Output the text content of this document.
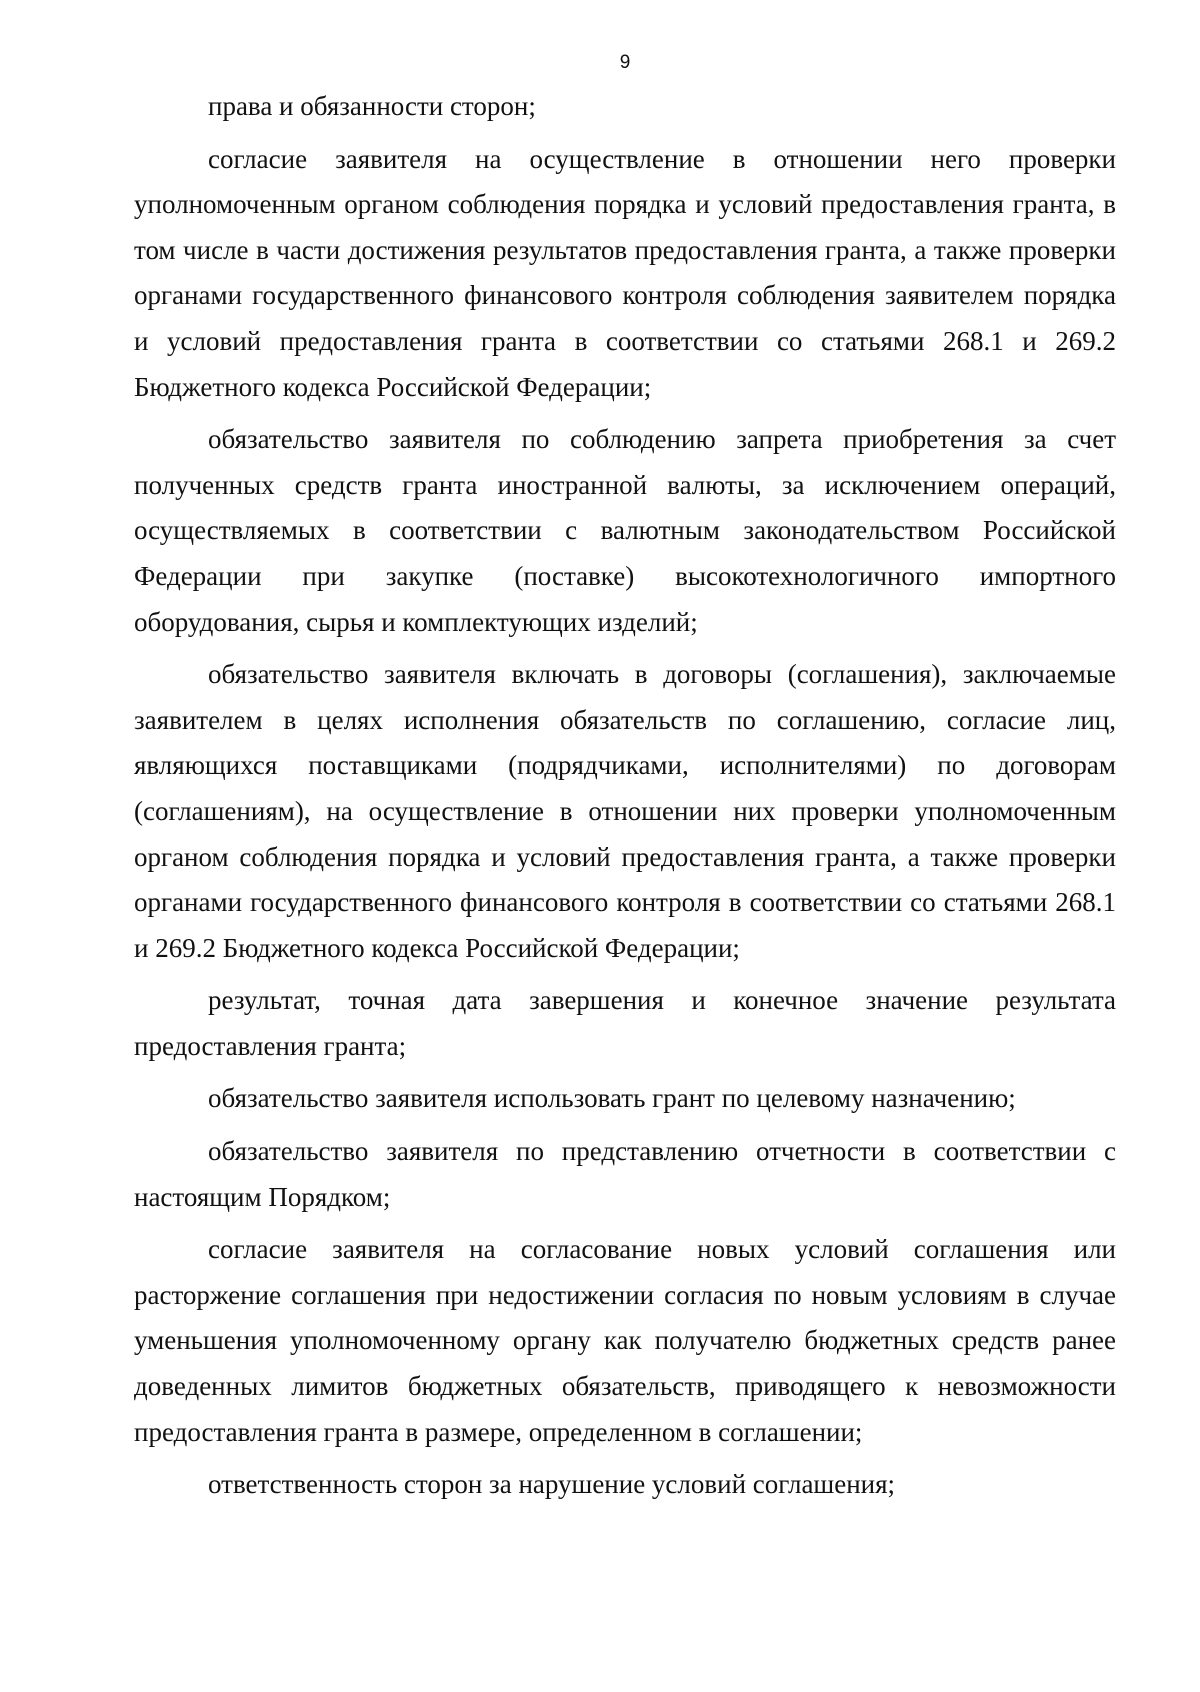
9

права и обязанности сторон;

согласие заявителя на осуществление в отношении него проверки уполномоченным органом соблюдения порядка и условий предоставления гранта, в том числе в части достижения результатов предоставления гранта, а также проверки органами государственного финансового контроля соблюдения заявителем порядка и условий предоставления гранта в соответствии со статьями 268.1 и 269.2 Бюджетного кодекса Российской Федерации;

обязательство заявителя по соблюдению запрета приобретения за счет полученных средств гранта иностранной валюты, за исключением операций, осуществляемых в соответствии с валютным законодательством Российской Федерации при закупке (поставке) высокотехнологичного импортного оборудования, сырья и комплектующих изделий;

обязательство заявителя включать в договоры (соглашения), заключаемые заявителем в целях исполнения обязательств по соглашению, согласие лиц, являющихся поставщиками (подрядчиками, исполнителями) по договорам (соглашениям), на осуществление в отношении них проверки уполномоченным органом соблюдения порядка и условий предоставления гранта, а также проверки органами государственного финансового контроля в соответствии со статьями 268.1 и 269.2 Бюджетного кодекса Российской Федерации;

результат, точная дата завершения и конечное значение результата предоставления гранта;

обязательство заявителя использовать грант по целевому назначению;

обязательство заявителя по представлению отчетности в соответствии с настоящим Порядком;

согласие заявителя на согласование новых условий соглашения или расторжение соглашения при недостижении согласия по новым условиям в случае уменьшения уполномоченному органу как получателю бюджетных средств ранее доведенных лимитов бюджетных обязательств, приводящего к невозможности предоставления гранта в размере, определенном в соглашении;

ответственность сторон за нарушение условий соглашения;
